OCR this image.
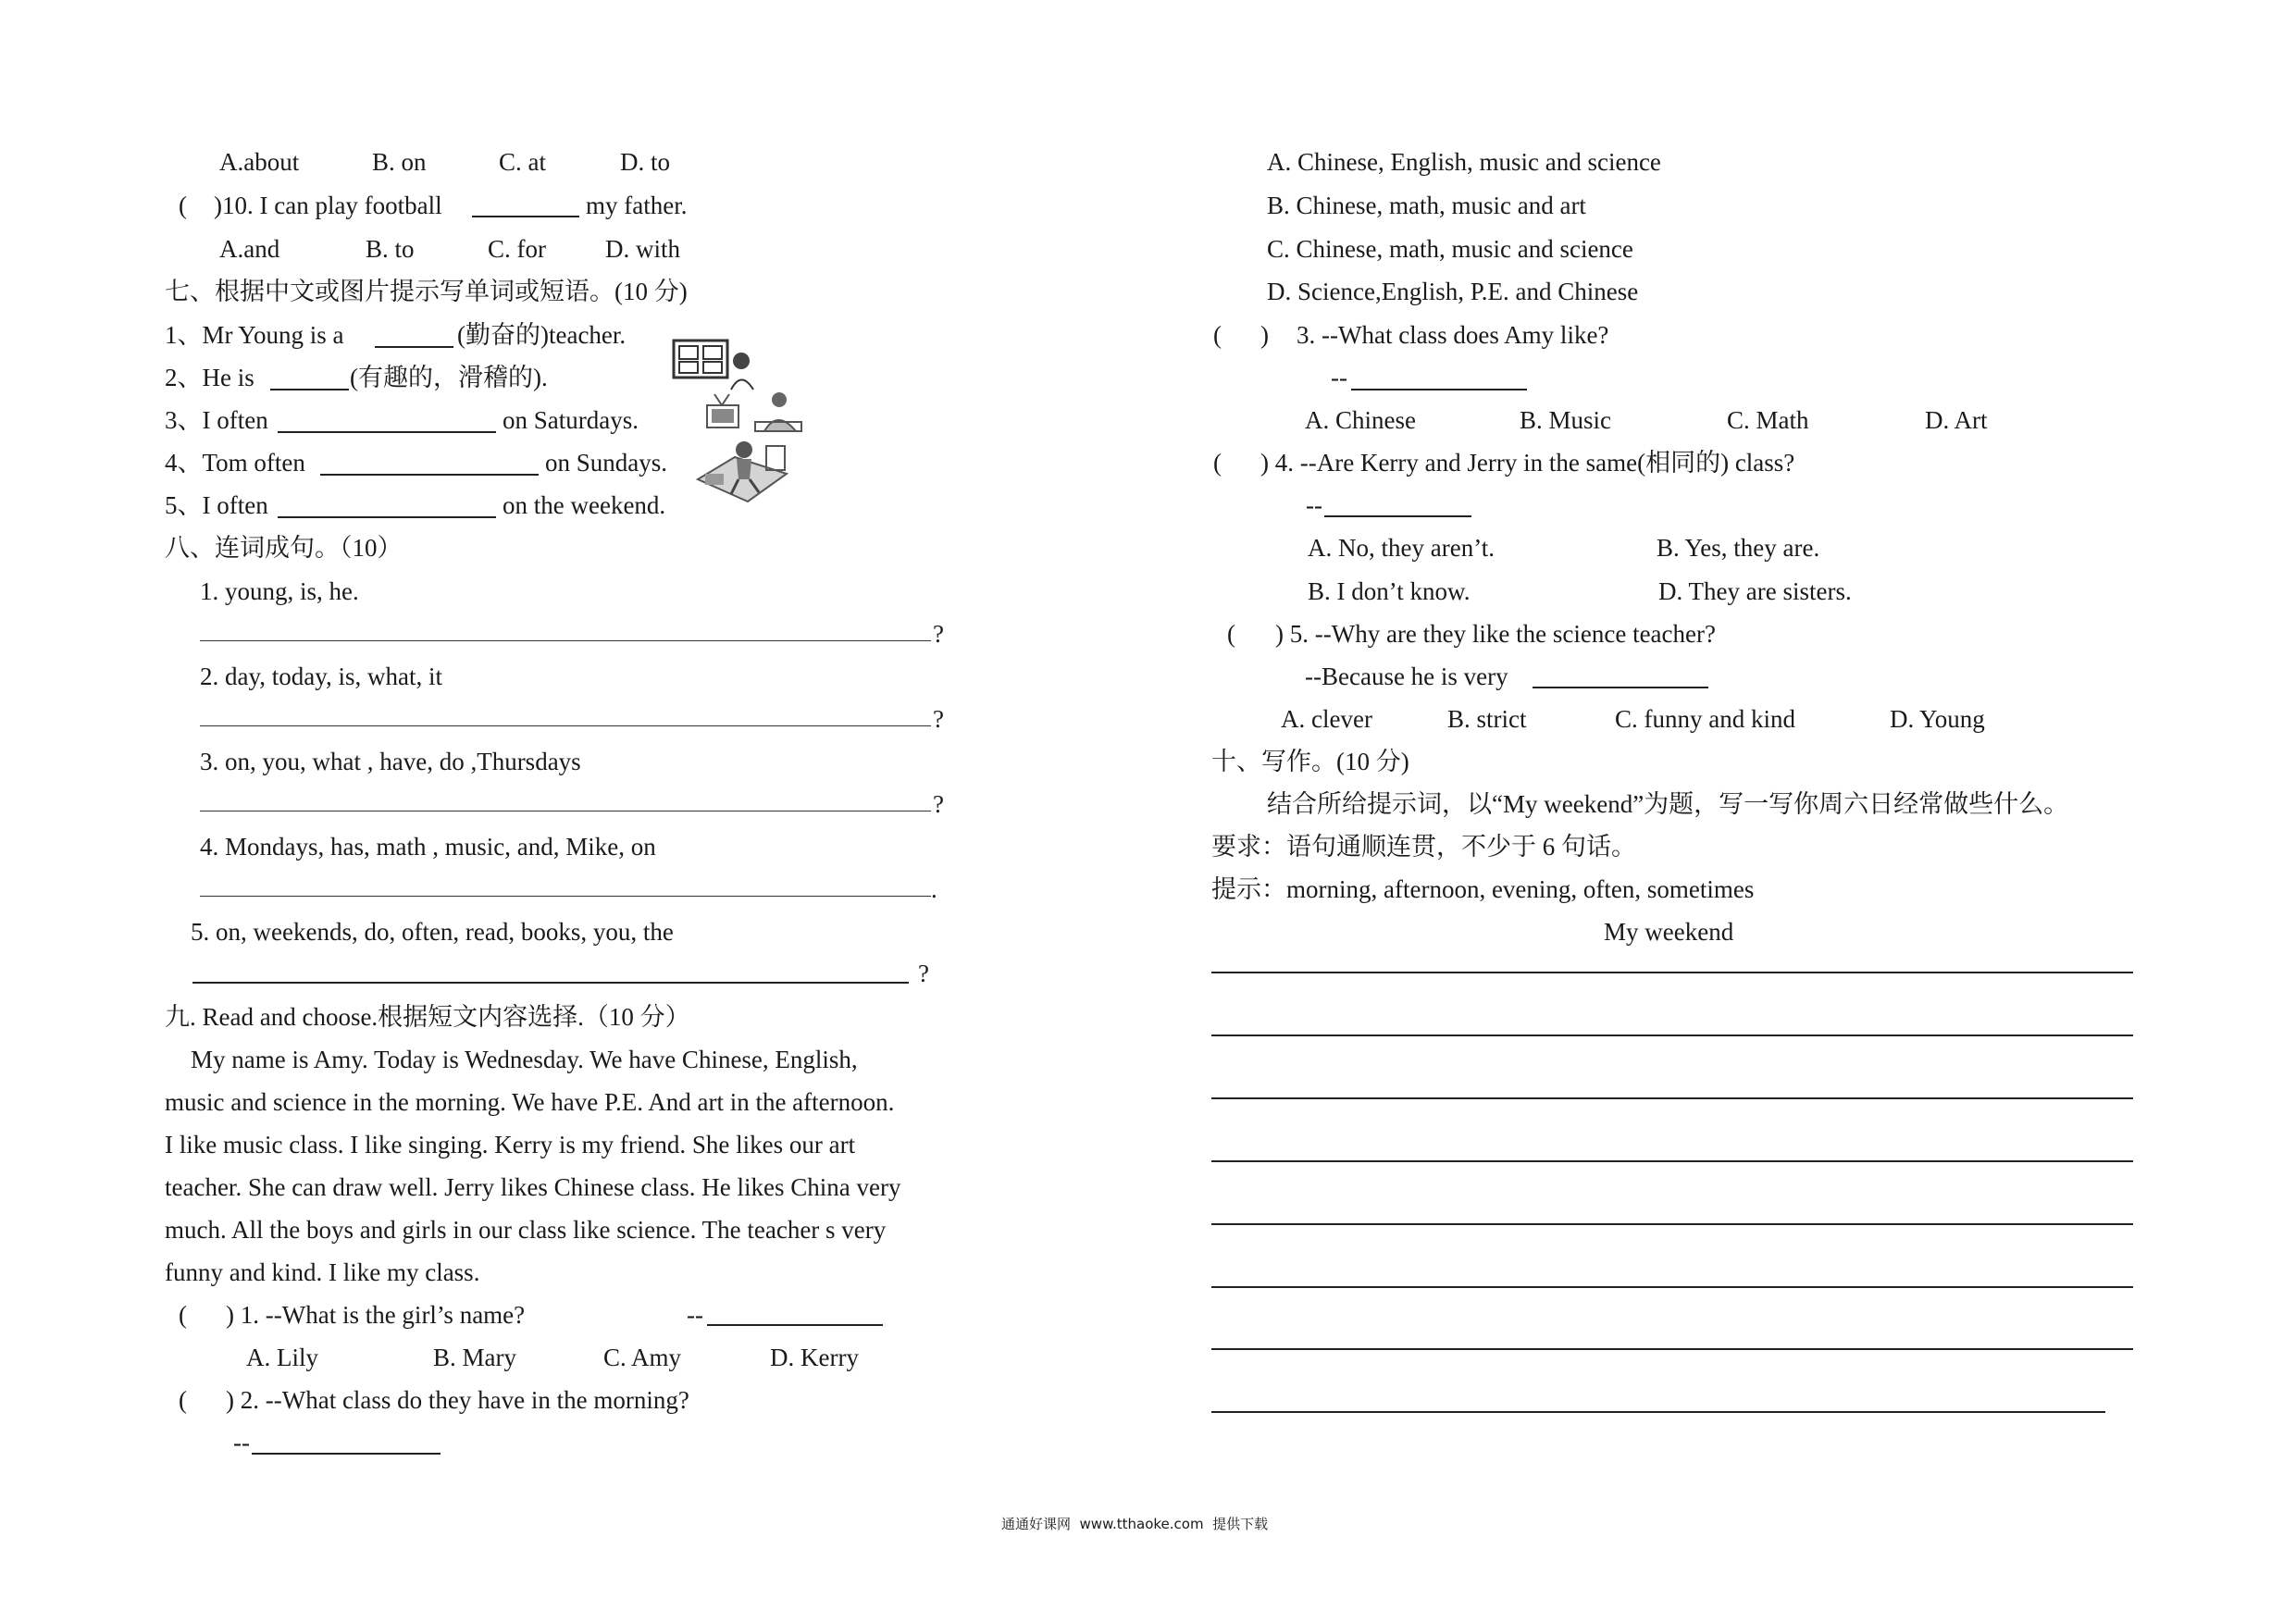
A.about	B. on	C. at	D. to
( )10. I can play football	my father.
A.and	B. to	C. for D. with
七、根据中文或图片提示写单词或短语。(10 分)
1、Mr Young is a	(勤奋的)teacher.
2、He is	(有趣的，滑稽的).
3、I often	on Saturdays.
4、Tom often	on Sundays.
5、I often	on the weekend.
八、连词成句。（10）
1. young, is, he.
?
2. day, today, is, what, it
?
3. on, you, what , have, do ,Thursdays
?
4. Mondays, has, math , music, and, Mike, on
.
5. on, weekends, do, often, read, books, you, the
?
九. Read and choose.根据短文内容选择.（10 分）
My name is Amy. Today is Wednesday. We have Chinese, English,
music and science in the morning. We have P.E. And art in the afternoon.
I like music class. I like singing. Kerry is my friend. She likes our art
teacher. She can draw well. Jerry likes Chinese class. He likes China very
much. All the boys and girls in our class like science. The teacher s very
funny and kind. I like my class.
( ) 1. --What is the girl’s name?	--
A. Lily	B. Mary	C. Amy	D. Kerry
( ) 2. --What class do they have in the morning?
--
A. Chinese, English, music and science
B. Chinese, math, music and art
C. Chinese, math, music and science
D. Science,English, P.E. and Chinese
( ) 3. --What class does Amy like?
--
A. Chinese	B. Music	C. Math	D. Art
( ) 4. --Are Kerry and Jerry in the same(相同的) class?
--
A. No, they aren’t.	B. Yes, they are.
B. I don’t know.	D. They are sisters.
( ) 5. --Why are they like the science teacher?
--Because he is very
A. clever	B. strict	C. funny and kind	D. Young
十、写作。(10 分)
结合所给提示词，以“My weekend”为题，写一写你周六日经常做些什么。
要求：语句通顺连贯，不少于 6 句话。
提示：morning, afternoon, evening, often, sometimes
My weekend
通通好课网  www.tthaoke.com  提供下载
